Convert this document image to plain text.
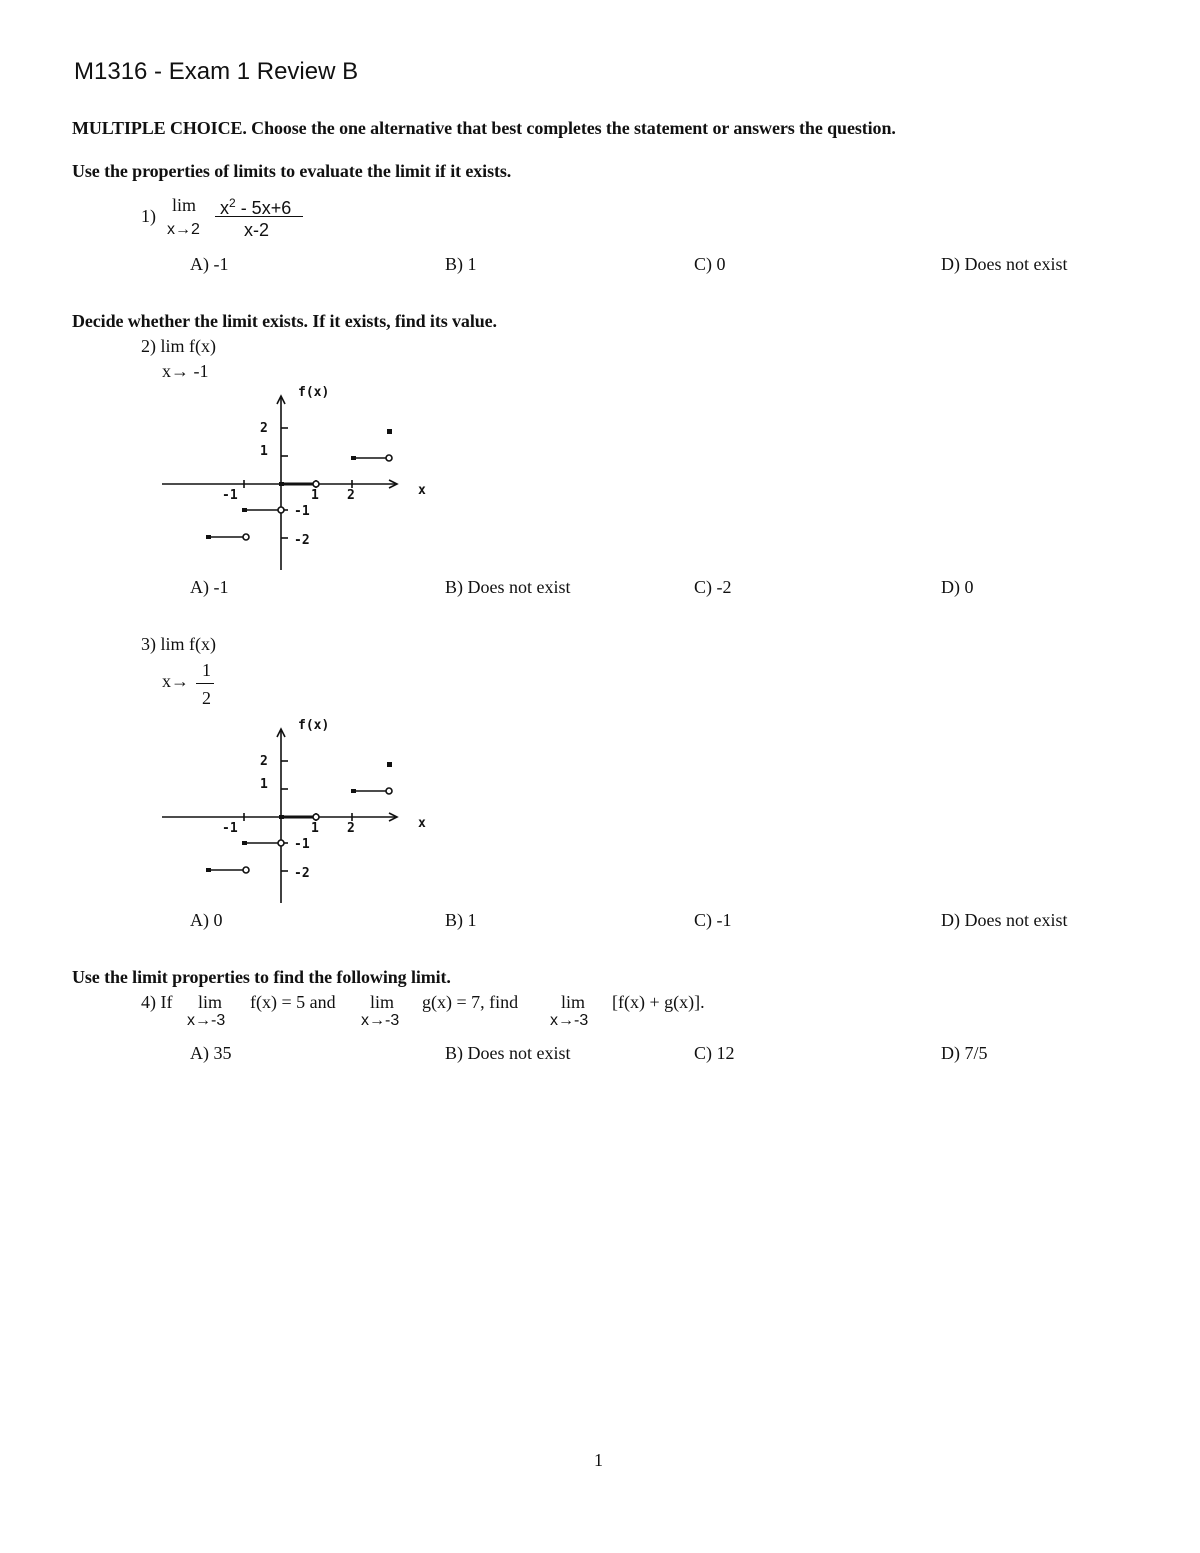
M1316 - Exam 1 Review B
MULTIPLE CHOICE. Choose the one alternative that best completes the statement or answers the question.
Use the properties of limits to evaluate the limit if it exists.
1)
lim
x→2
$x^2 - 5x+6$
x-2
A) -1	B) 1	C) 0	D) Does not exist
Decide whether the limit exists. If it exists, find its value.
2) lim f(x)
x→ -1
f(x)
x
-1	1 2
2
1
-1
-2
A) -1	B) Does not exist	C) -2	D) 0
3) lim f(x)
x→
1
2
f(x)
x
-1	1 2
2
1
-1
-2
A) 0	B) 1	C) -1	D) Does not exist
Use the limit properties to find the following limit.
4) If lim
x→-3
f(x) = 5 and lim
x→-3
g(x) = 7, find lim
x→-3
[f(x) + g(x)].
A) 35	B) Does not exist	C) 12	D) 7/5
1
